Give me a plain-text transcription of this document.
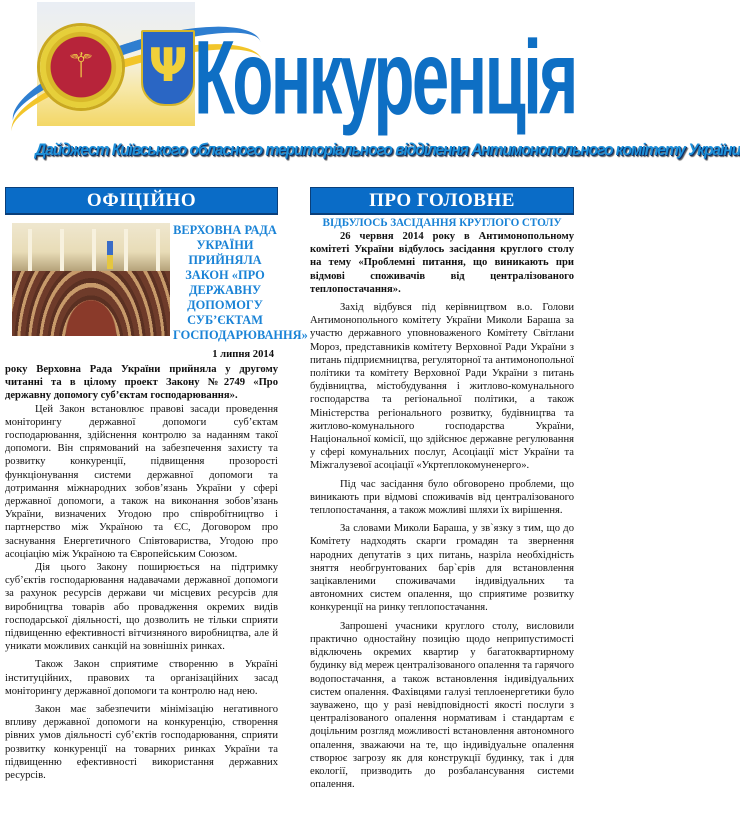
⚚
Ψ
Конкуренція
Дайджест Київського обласного територіального відділення Антимонопольного комітету України
ОФІЦІЙНО
ВЕРХОВНА РАДА УКРАЇНИ ПРИЙНЯЛА ЗАКОН «ПРО ДЕРЖАВНУ ДОПОМОГУ СУБ’ЄКТАМ ГОСПОДАРЮВАННЯ»
1 липня 2014

року Верховна Рада України прийняла у другому читанні та в цілому проект Закону №2749 «Про державну допомогу суб’єктам господарювання».

Цей Закон встановлює правові засади проведення моніторингу державної допомоги суб’єктам господарювання, здійснення контролю за наданням такої допомоги. Він спрямований на забезпечення захисту та розвитку конкуренції, підвищення прозорості функціонування системи державної допомоги та дотримання міжнародних зобов’язань України у сфері державної допомоги, а також на виконання зобов’язань України, визначених Угодою про співробітництво і партнерство між Україною та ЄС, Договором про заснування Енергетичного Співтовариства, Угодою про асоціацію між Україною та Європейським Союзом.

Дія цього Закону поширюється на підтримку суб’єктів господарювання надавачами державної допомоги за рахунок ресурсів держави чи місцевих ресурсів для виробництва товарів або провадження окремих видів господарської діяльності, що дозволить не тільки сприяти підвищенню ефективності вітчизняного виробництва, але й уникати можливих санкцій на зовнішніх ринках.

Також Закон сприятиме створенню в Україні інституційних, правових та організаційних засад моніторингу державної допомоги та контролю над нею.

Закон має забезпечити мінімізацію негативного впливу державної допомоги на конкуренцію, створення рівних умов діяльності суб’єктів господарювання, сприяти розвитку конкуренції на товарних ринках України та підвищенню ефективності використання державних ресурсів.

ПРО ГОЛОВНЕ
ВІДБУЛОСЬ ЗАСІДАННЯ КРУГЛОГО СТОЛУ

26 червня 2014 року в Антимонопольному комітеті України відбулось засідання круглого столу на тему «Проблемні питання, що виникають при відмові споживачів від централізованого теплопостачання».

Захід відбувся під керівництвом в.о. Голови Антимонопольного комітету України Миколи Бараша за участю державного уповноваженого Комітету Світлани Мороз, представників комітету Верховної Ради України з питань підприємництва, регуляторної та антимонопольної політики та комітету Верховної Ради України з питань будівництва, містобудування і житлово-комунального господарства та регіональної політики, а також Міністерства регіонального розвитку, будівництва та житлово-комунального господарства України, Національної комісії, що здійснює державне регулювання у сфері комунальних послуг, Асоціації міст України та Міжгалузевої асоціації «Укртеплокомуненерго».

Під час засідання було обговорено проблеми, що виникають при відмові споживачів від централізованого теплопостачання, а також можливі шляхи їх вирішення.

За словами Миколи Бараша, у зв`язку з тим, що до Комітету надходять скарги громадян та звернення народних депутатів з цих питань, назріла необхідність зняття необгрунтованих бар`єрів для встановлення зацікавленими споживачами індивідуальних та автономних систем опалення, що сприятиме розвитку конкуренції на ринку теплопостачання.

Запрошені учасники круглого столу, висловили практично одностайну позицію щодо неприпустимості відключень окремих квартир у багатоквартирному будинку від мереж централізованого опалення та гарячого водопостачання, а також встановлення індивідуальних систем опалення. Фахівцями галузі теплоенергетики було зауважено, що у разі невідповідності якості послуги з централізованого опалення нормативам і стандартам є доцільним розгляд можливості встановлення автономного опалення, зважаючи на те, що індивідуальне опалення створює загрозу як для конструкції будинку, так і для екології, призводить до розбалансування системи опалення.
